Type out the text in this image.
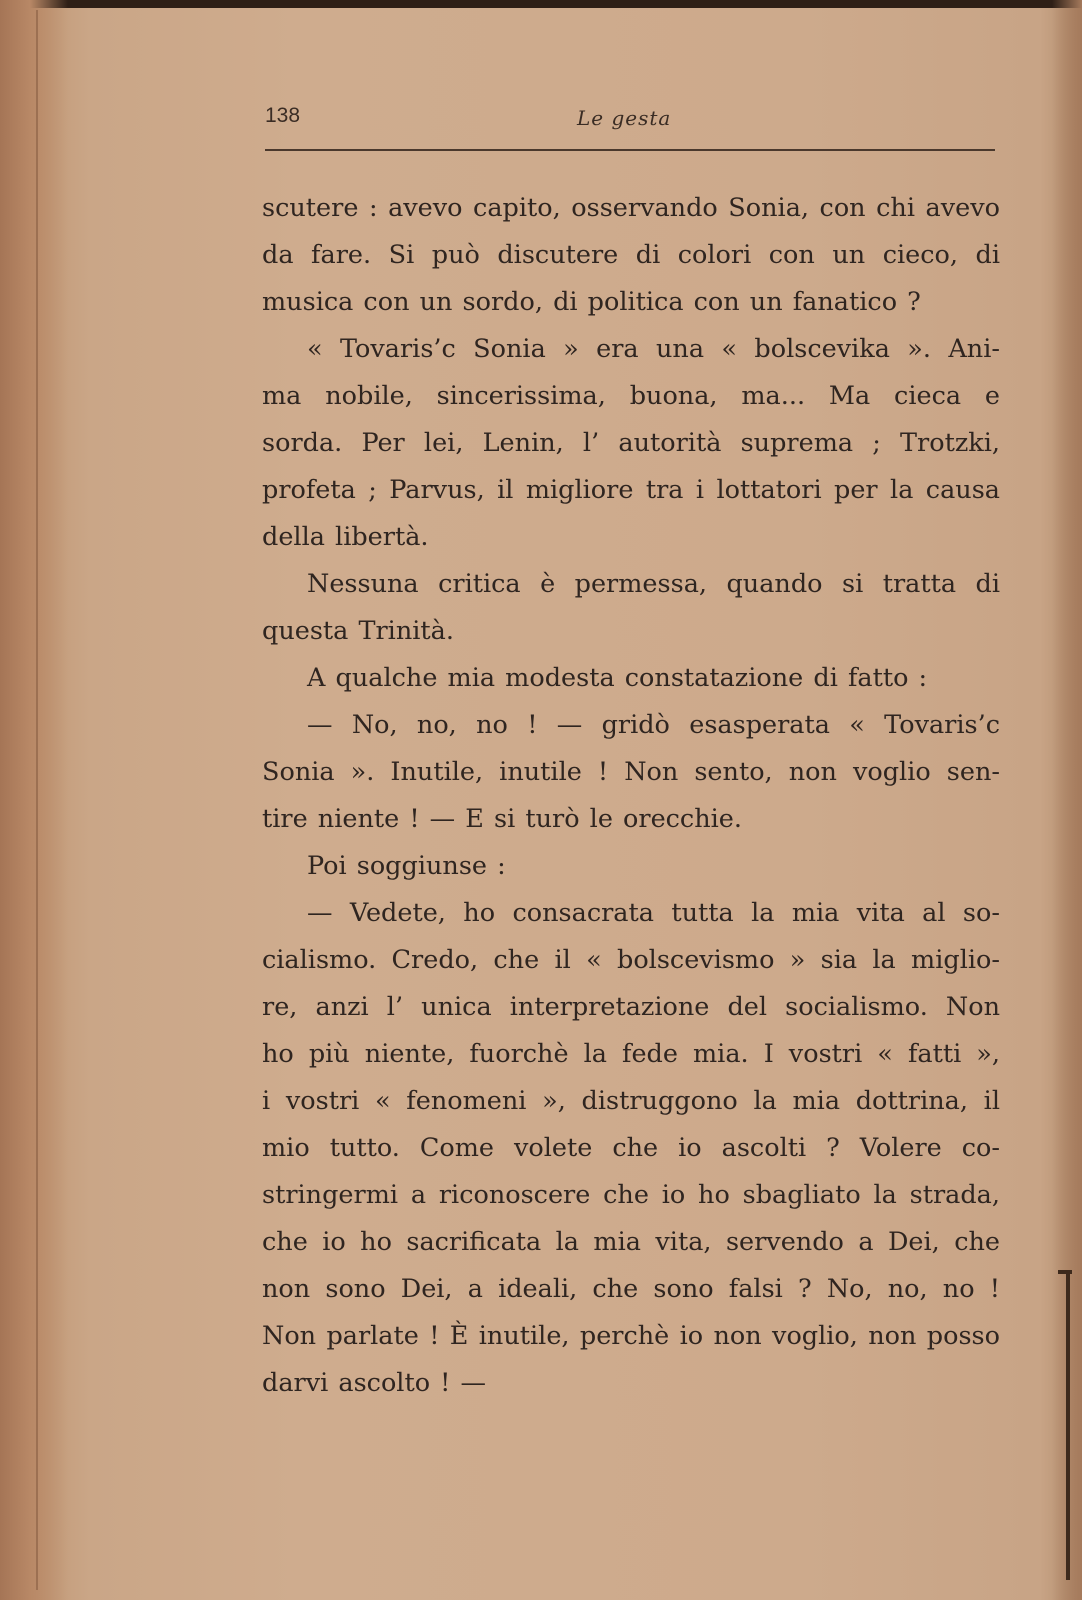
138	Le gesta
scutere : avevo capito, osservando Sonia, con chi avevo
da fare. Si può discutere di colori con un cieco, di
musica con un sordo, di politica con un fanatico ?
« Tovaris’c Sonia » era una « bolscevika ». Ani-
ma nobile, sincerissima, buona, ma... Ma cieca e
sorda. Per lei, Lenin, l’ autorità suprema ; Trotzki,
profeta ; Parvus, il migliore tra i lottatori per la causa
della libertà.
Nessuna critica è permessa, quando si tratta di
questa Trinità.
A qualche mia modesta constatazione di fatto :
— No, no, no ! — gridò esasperata « Tovaris’c
Sonia ». Inutile, inutile ! Non sento, non voglio sen-
tire niente ! — E si turò le orecchie.
Poi soggiunse :
— Vedete, ho consacrata tutta la mia vita al so-
cialismo. Credo, che il « bolscevismo » sia la miglio-
re, anzi l’ unica interpretazione del socialismo. Non
ho più niente, fuorchè la fede mia. I vostri « fatti »,
i vostri « fenomeni », distruggono la mia dottrina, il
mio tutto. Come volete che io ascolti ? Volere co-
stringermi a riconoscere che io ho sbagliato la strada,
che io ho sacrificata la mia vita, servendo a Dei, che
non sono Dei, a ideali, che sono falsi ? No, no, no !
Non parlate ! È inutile, perchè io non voglio, non posso
darvi ascolto ! —
